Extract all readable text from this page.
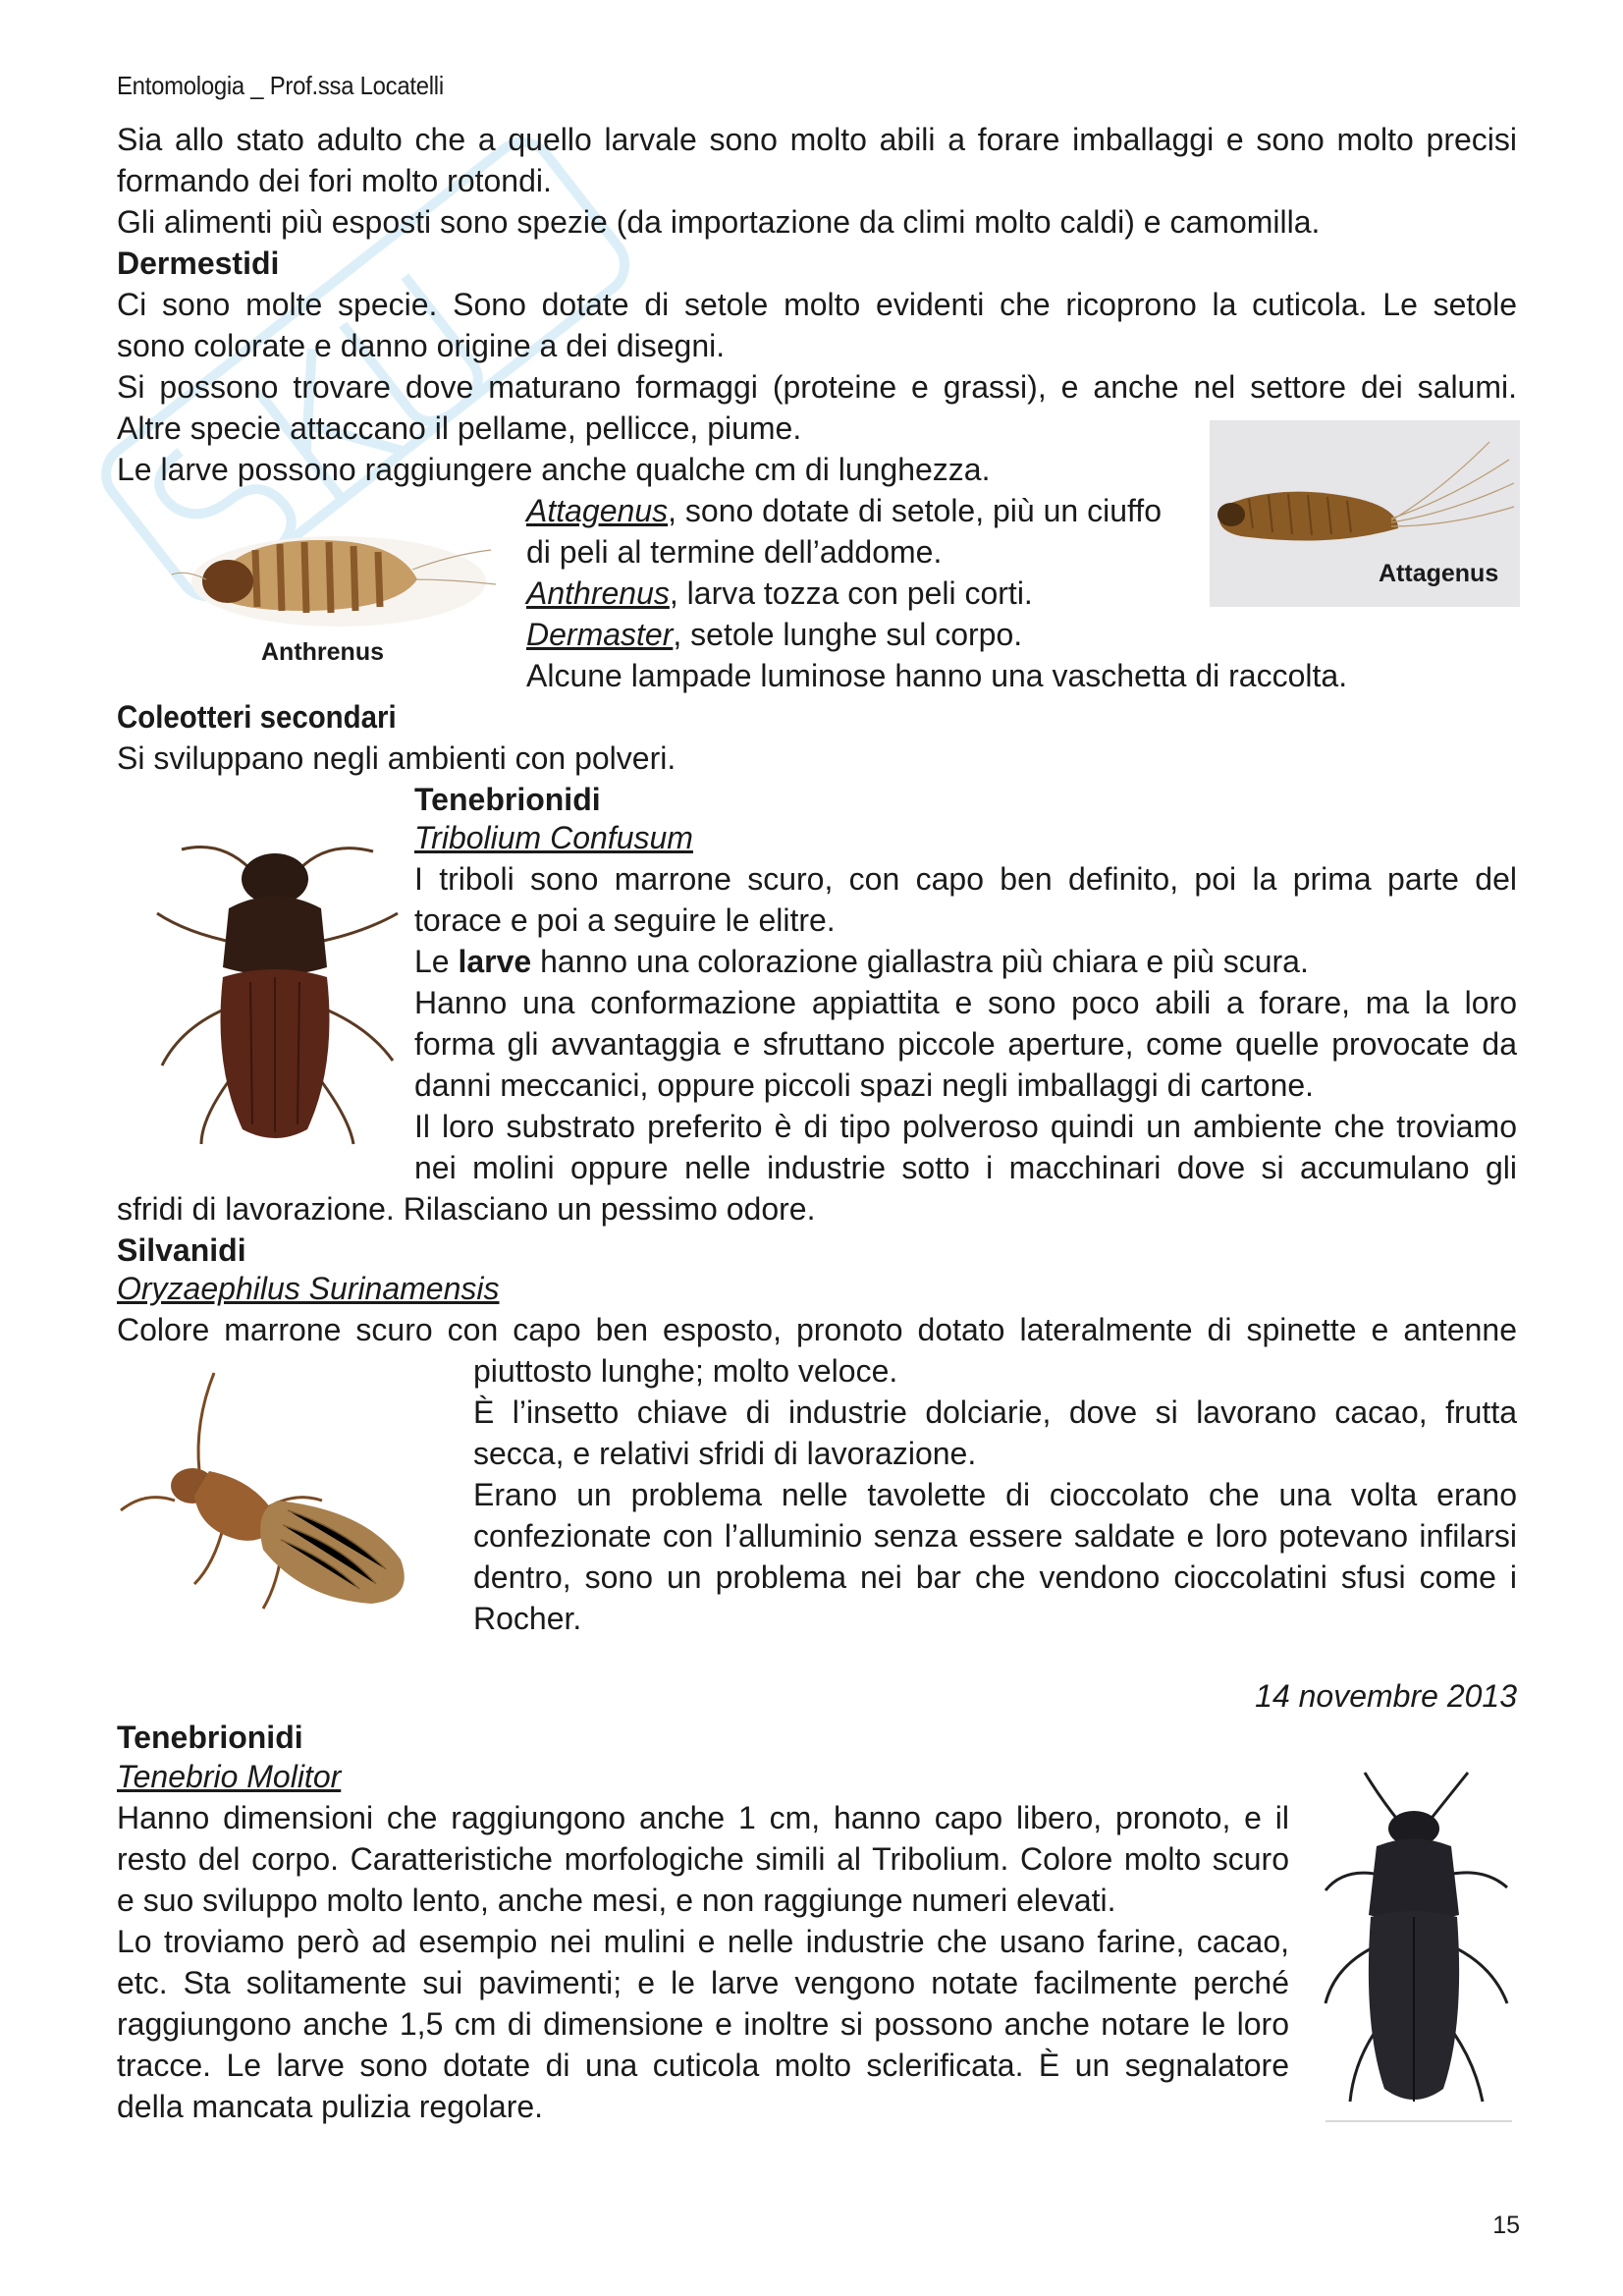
Entomologia _ Prof.ssa Locatelli
Sia allo stato adulto che a quello larvale sono molto abili a forare imballaggi e sono molto precisi
formando dei fori molto rotondi.
Gli alimenti più esposti sono spezie (da importazione da climi molto caldi) e camomilla.
Dermestidi
Ci sono molte specie. Sono dotate di setole molto evidenti che ricoprono la cuticola. Le setole
sono colorate e danno origine a dei disegni.
Si possono trovare dove maturano formaggi (proteine e grassi), e anche nel settore dei salumi.
Altre specie attaccano il pellame, pellicce, piume.
Le larve possono raggiungere anche qualche cm di lunghezza.
Attagenus, sono dotate di setole, più un ciuffo
di peli al termine dell’addome.
Anthrenus, larva tozza con peli corti.
Dermaster, setole lunghe sul corpo.
Alcune lampade luminose hanno una vaschetta di raccolta.
Attagenus
Anthrenus
Coleotteri secondari
Si sviluppano negli ambienti con polveri.
Tenebrionidi
Tribolium Confusum
I triboli sono marrone scuro, con capo ben definito, poi la prima parte del
torace e poi a seguire le elitre.
Le larve hanno una colorazione giallastra più chiara e più scura.
Hanno una conformazione appiattita e sono poco abili a forare, ma la loro
forma gli avvantaggia e sfruttano piccole aperture, come quelle provocate da
danni meccanici, oppure piccoli spazi negli imballaggi di cartone.
Il loro substrato preferito è di tipo polveroso quindi un ambiente che troviamo
nei molini oppure nelle industrie sotto i macchinari dove si accumulano gli
sfridi di lavorazione. Rilasciano un pessimo odore.
Silvanidi
Oryzaephilus Surinamensis
Colore marrone scuro con capo ben esposto, pronoto dotato lateralmente di spinette e antenne
piuttosto lunghe; molto veloce.
È l’insetto chiave di industrie dolciarie, dove si lavorano cacao, frutta
secca, e relativi sfridi di lavorazione.
Erano un problema nelle tavolette di cioccolato che una volta erano
confezionate con l’alluminio senza essere saldate e loro potevano infilarsi
dentro, sono un problema nei bar che vendono cioccolatini sfusi come i
Rocher.
14 novembre 2013
Tenebrionidi
Tenebrio Molitor
Hanno dimensioni che raggiungono anche 1 cm, hanno capo libero, pronoto, e il
resto del corpo. Caratteristiche morfologiche simili al Tribolium. Colore molto scuro
e suo sviluppo molto lento, anche mesi, e non raggiunge numeri elevati.
Lo troviamo però ad esempio nei mulini e nelle industrie che usano farine, cacao,
etc. Sta solitamente sui pavimenti; e le larve vengono notate facilmente perché
raggiungono anche 1,5 cm di dimensione e inoltre si possono anche notare le loro
tracce. Le larve sono dotate di una cuticola molto sclerificata. È un segnalatore
della mancata pulizia regolare.
15
